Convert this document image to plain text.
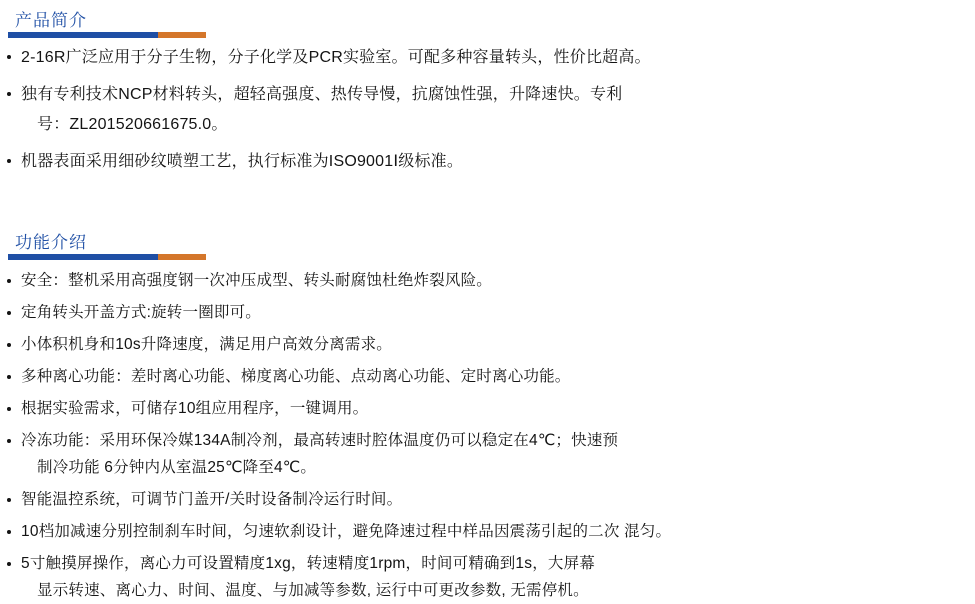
产品简介
2-16R广泛应用于分子生物，分子化学及PCR实验室。可配多种容量转头，性价比超高。
独有专利技术NCP材料转头，超轻高强度、热传导慢，抗腐蚀性强，升降速快。专利
号：ZL201520661675.0。
机器表面采用细砂纹喷塑工艺，执行标准为ISO9001Ⅰ级标准。
功能介绍
安全：整机采用高强度钢一次冲压成型、转头耐腐蚀杜绝炸裂风险。
定角转头开盖方式:旋转一圈即可。
小体积机身和10s升降速度，满足用户高效分离需求。
多种离心功能：差时离心功能、梯度离心功能、点动离心功能、定时离心功能。
根据实验需求，可储存10组应用程序，一键调用。
冷冻功能：采用环保冷媒134A制冷剂，最高转速时腔体温度仍可以稳定在4℃；快速预
制冷功能 6分钟内从室温25℃降至4℃。
智能温控系统，可调节门盖开/关时设备制冷运行时间。
10档加减速分别控制刹车时间，匀速软刹设计，避免降速过程中样品因震荡引起的二次 混匀。
5寸触摸屏操作，离心力可设置精度1xg，转速精度1rpm，时间可精确到1s，大屏幕
显示转速、离心力、时间、温度、与加减等参数, 运行中可更改参数, 无需停机。
